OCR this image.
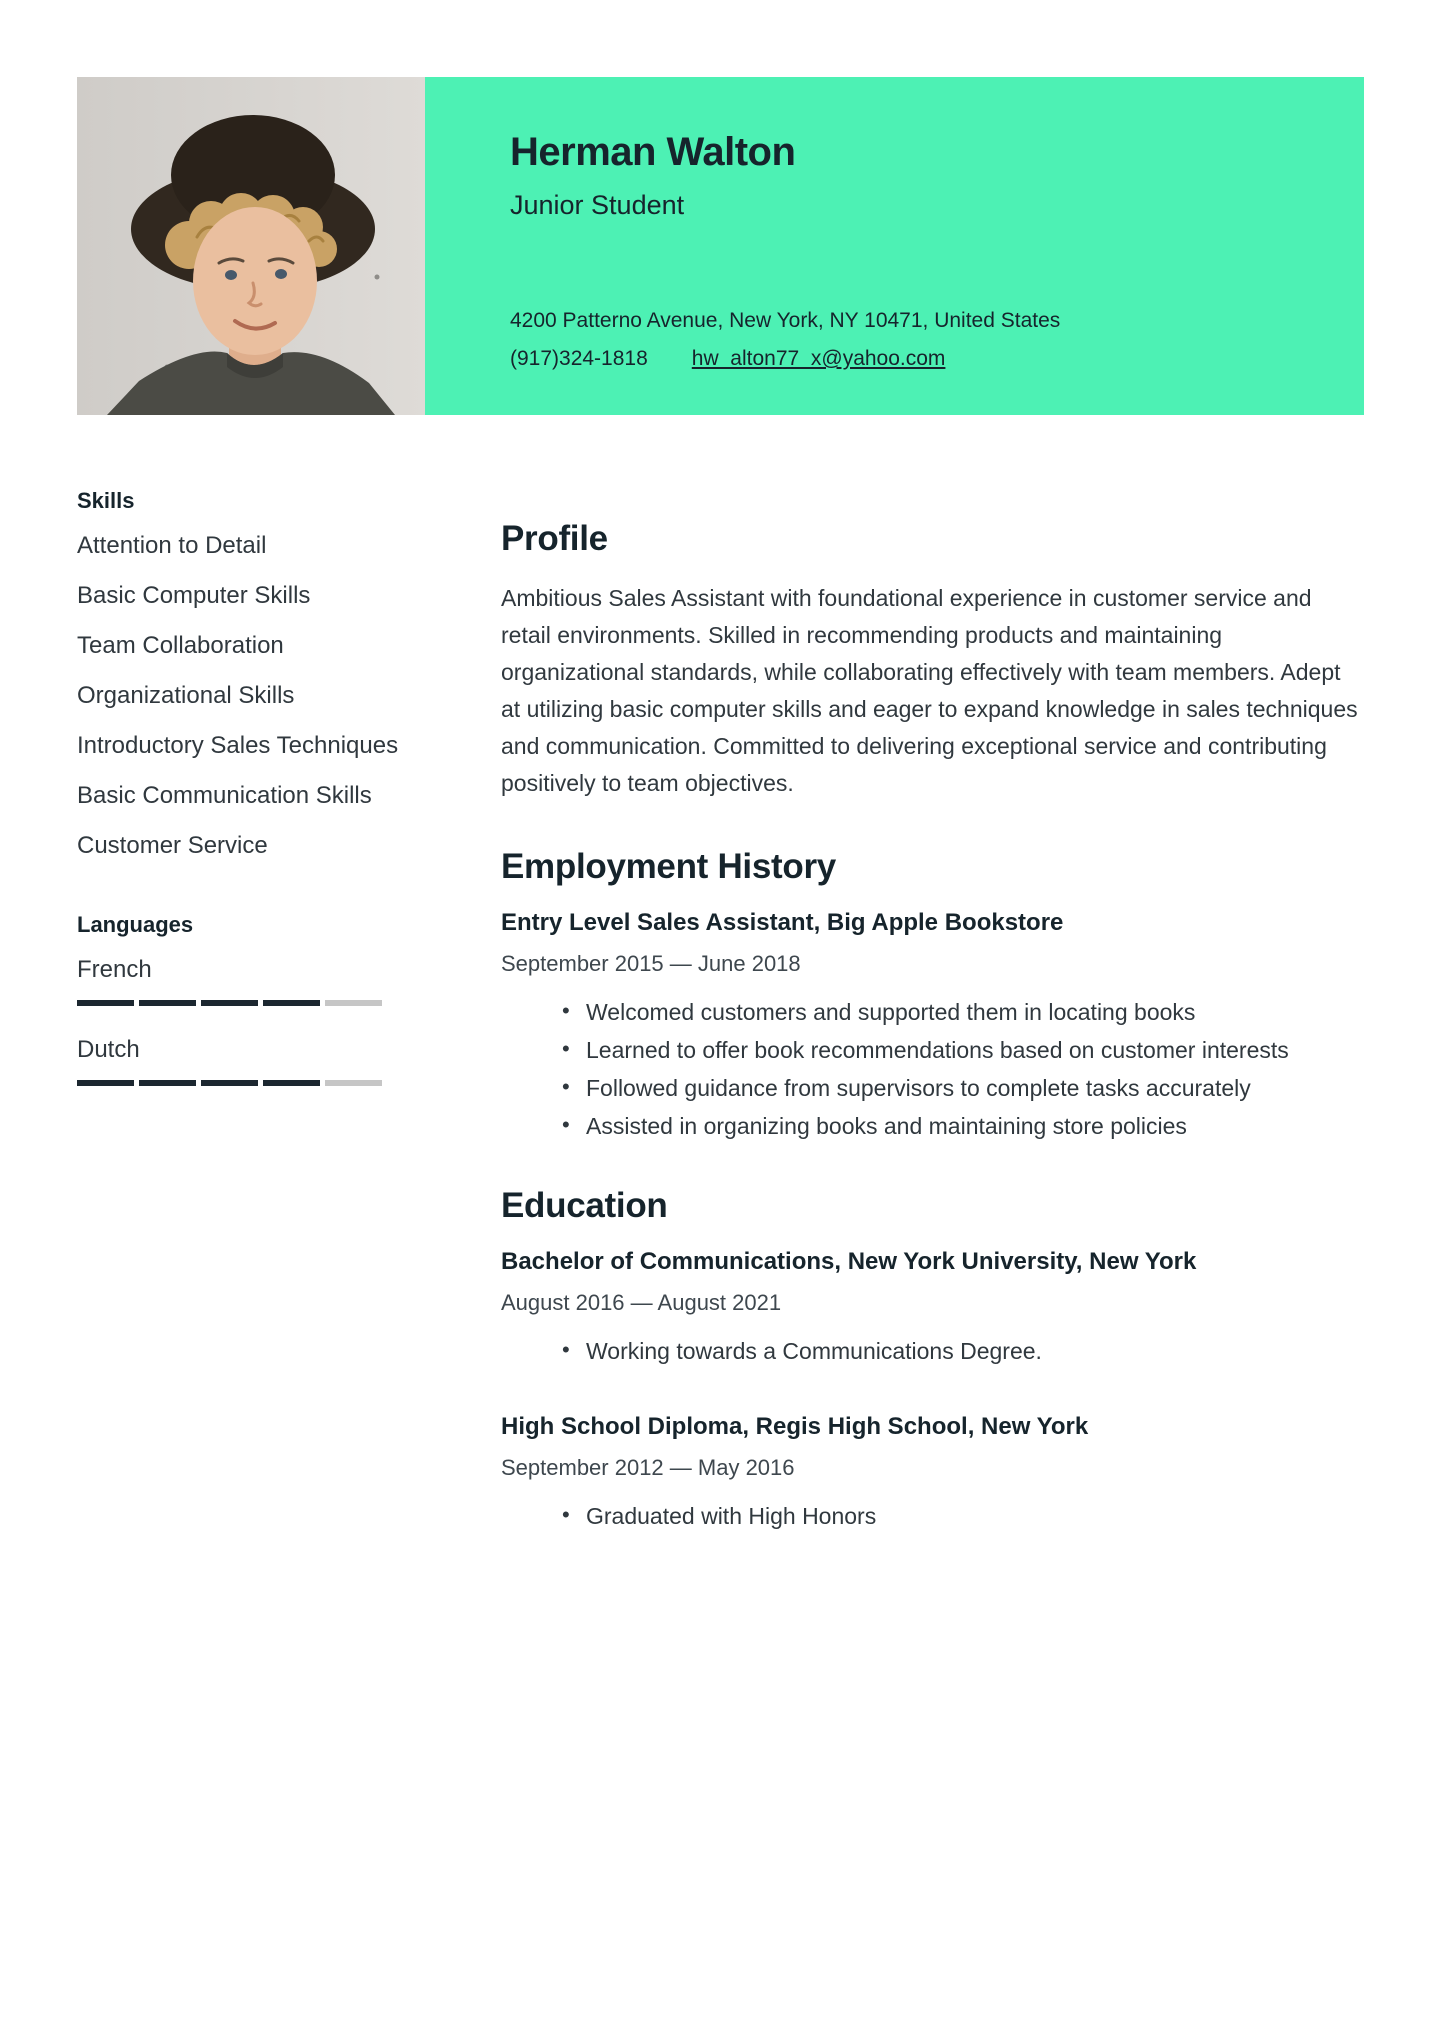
Herman Walton
Junior Student
4200 Patterno Avenue, New York, NY 10471, United States
(917)324-1818 hw_alton77_x@yahoo.com
Skills
Attention to Detail
Basic Computer Skills
Team Collaboration
Organizational Skills
Introductory Sales Techniques
Basic Communication Skills
Customer Service
Languages
French
Dutch
Profile

Ambitious Sales Assistant with foundational experience in customer service and retail environments. Skilled in recommending products and maintaining organizational standards, while collaborating effectively with team members. Adept at utilizing basic computer skills and eager to expand knowledge in sales techniques and communication. Committed to delivering exceptional service and contributing positively to team objectives.

Employment History
Entry Level Sales Assistant, Big Apple Bookstore
September 2015 — June 2018
• Welcomed customers and supported them in locating books
• Learned to offer book recommendations based on customer interests
• Followed guidance from supervisors to complete tasks accurately
• Assisted in organizing books and maintaining store policies
Education
Bachelor of Communications, New York University, New York
August 2016 — August 2021
• Working towards a Communications Degree.
High School Diploma, Regis High School, New York
September 2012 — May 2016
• Graduated with High Honors
